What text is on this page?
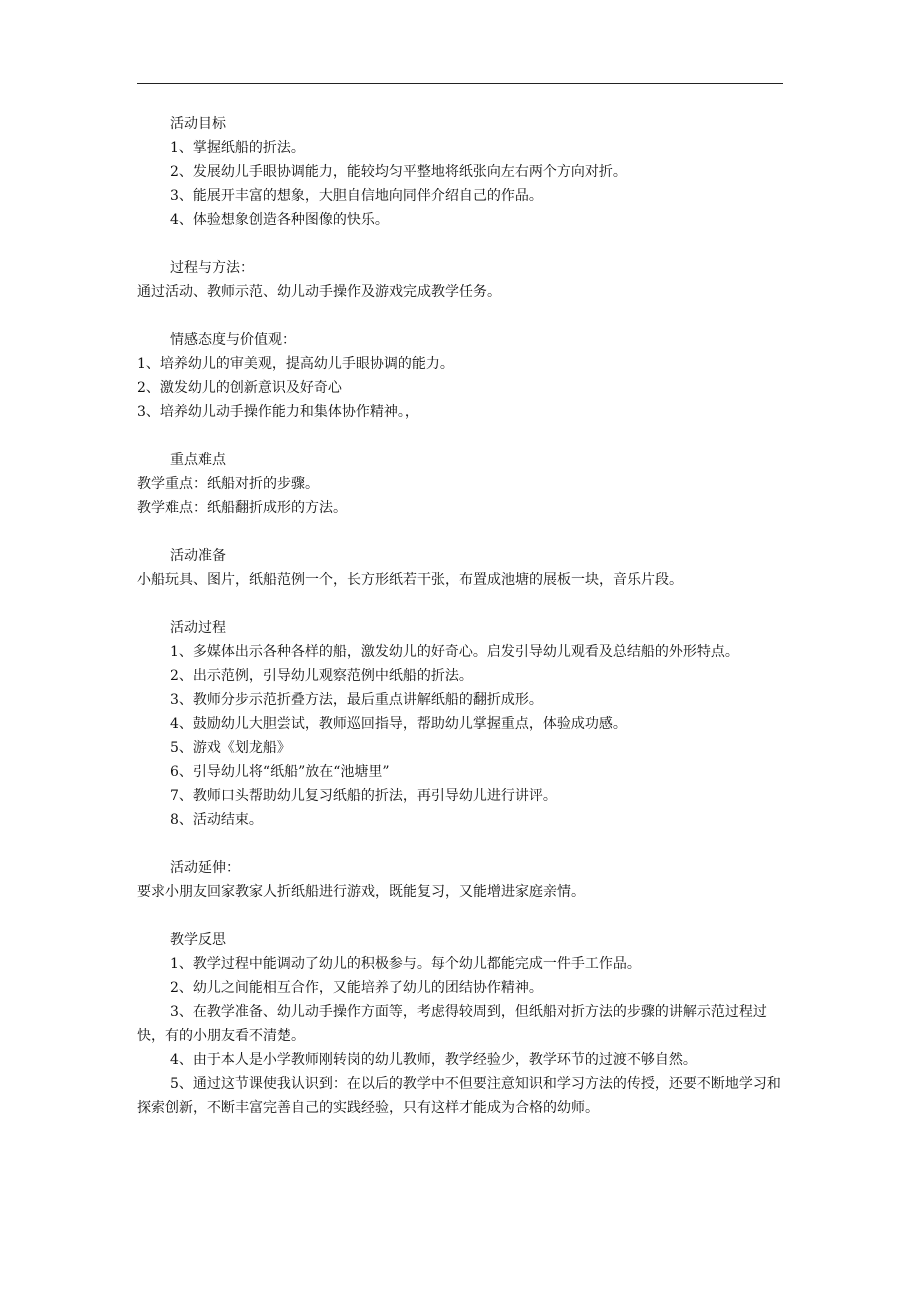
活动目标
1、掌握纸船的折法。
2、发展幼儿手眼协调能力，能较均匀平整地将纸张向左右两个方向对折。
3、能展开丰富的想象，大胆自信地向同伴介绍自己的作品。
4、体验想象创造各种图像的快乐。
过程与方法：
通过活动、教师示范、幼儿动手操作及游戏完成教学任务。
情感态度与价值观：
1、培养幼儿的审美观，提高幼儿手眼协调的能力。
2、激发幼儿的创新意识及好奇心
3、培养幼儿动手操作能力和集体协作精神。，
重点难点
教学重点：纸船对折的步骤。
教学难点：纸船翻折成形的方法。
活动准备
小船玩具、图片，纸船范例一个，长方形纸若干张，布置成池塘的展板一块，音乐片段。
活动过程
1、多媒体出示各种各样的船，激发幼儿的好奇心。启发引导幼儿观看及总结船的外形特点。
2、出示范例，引导幼儿观察范例中纸船的折法。
3、教师分步示范折叠方法，最后重点讲解纸船的翻折成形。
4、鼓励幼儿大胆尝试，教师巡回指导，帮助幼儿掌握重点，体验成功感。
5、游戏《划龙船》
6、引导幼儿将“纸船”放在“池塘里”
7、教师口头帮助幼儿复习纸船的折法，再引导幼儿进行讲评。
8、活动结束。
活动延伸：
要求小朋友回家教家人折纸船进行游戏，既能复习，又能增进家庭亲情。
教学反思
1、教学过程中能调动了幼儿的积极参与。每个幼儿都能完成一件手工作品。
2、幼儿之间能相互合作，又能培养了幼儿的团结协作精神。
3、在教学准备、幼儿动手操作方面等，考虑得较周到，但纸船对折方法的步骤的讲解示范过程过快，有的小朋友看不清楚。
4、由于本人是小学教师刚转岗的幼儿教师，教学经验少，教学环节的过渡不够自然。
5、通过这节课使我认识到：在以后的教学中不但要注意知识和学习方法的传授，还要不断地学习和探索创新，不断丰富完善自己的实践经验，只有这样才能成为合格的幼师。
